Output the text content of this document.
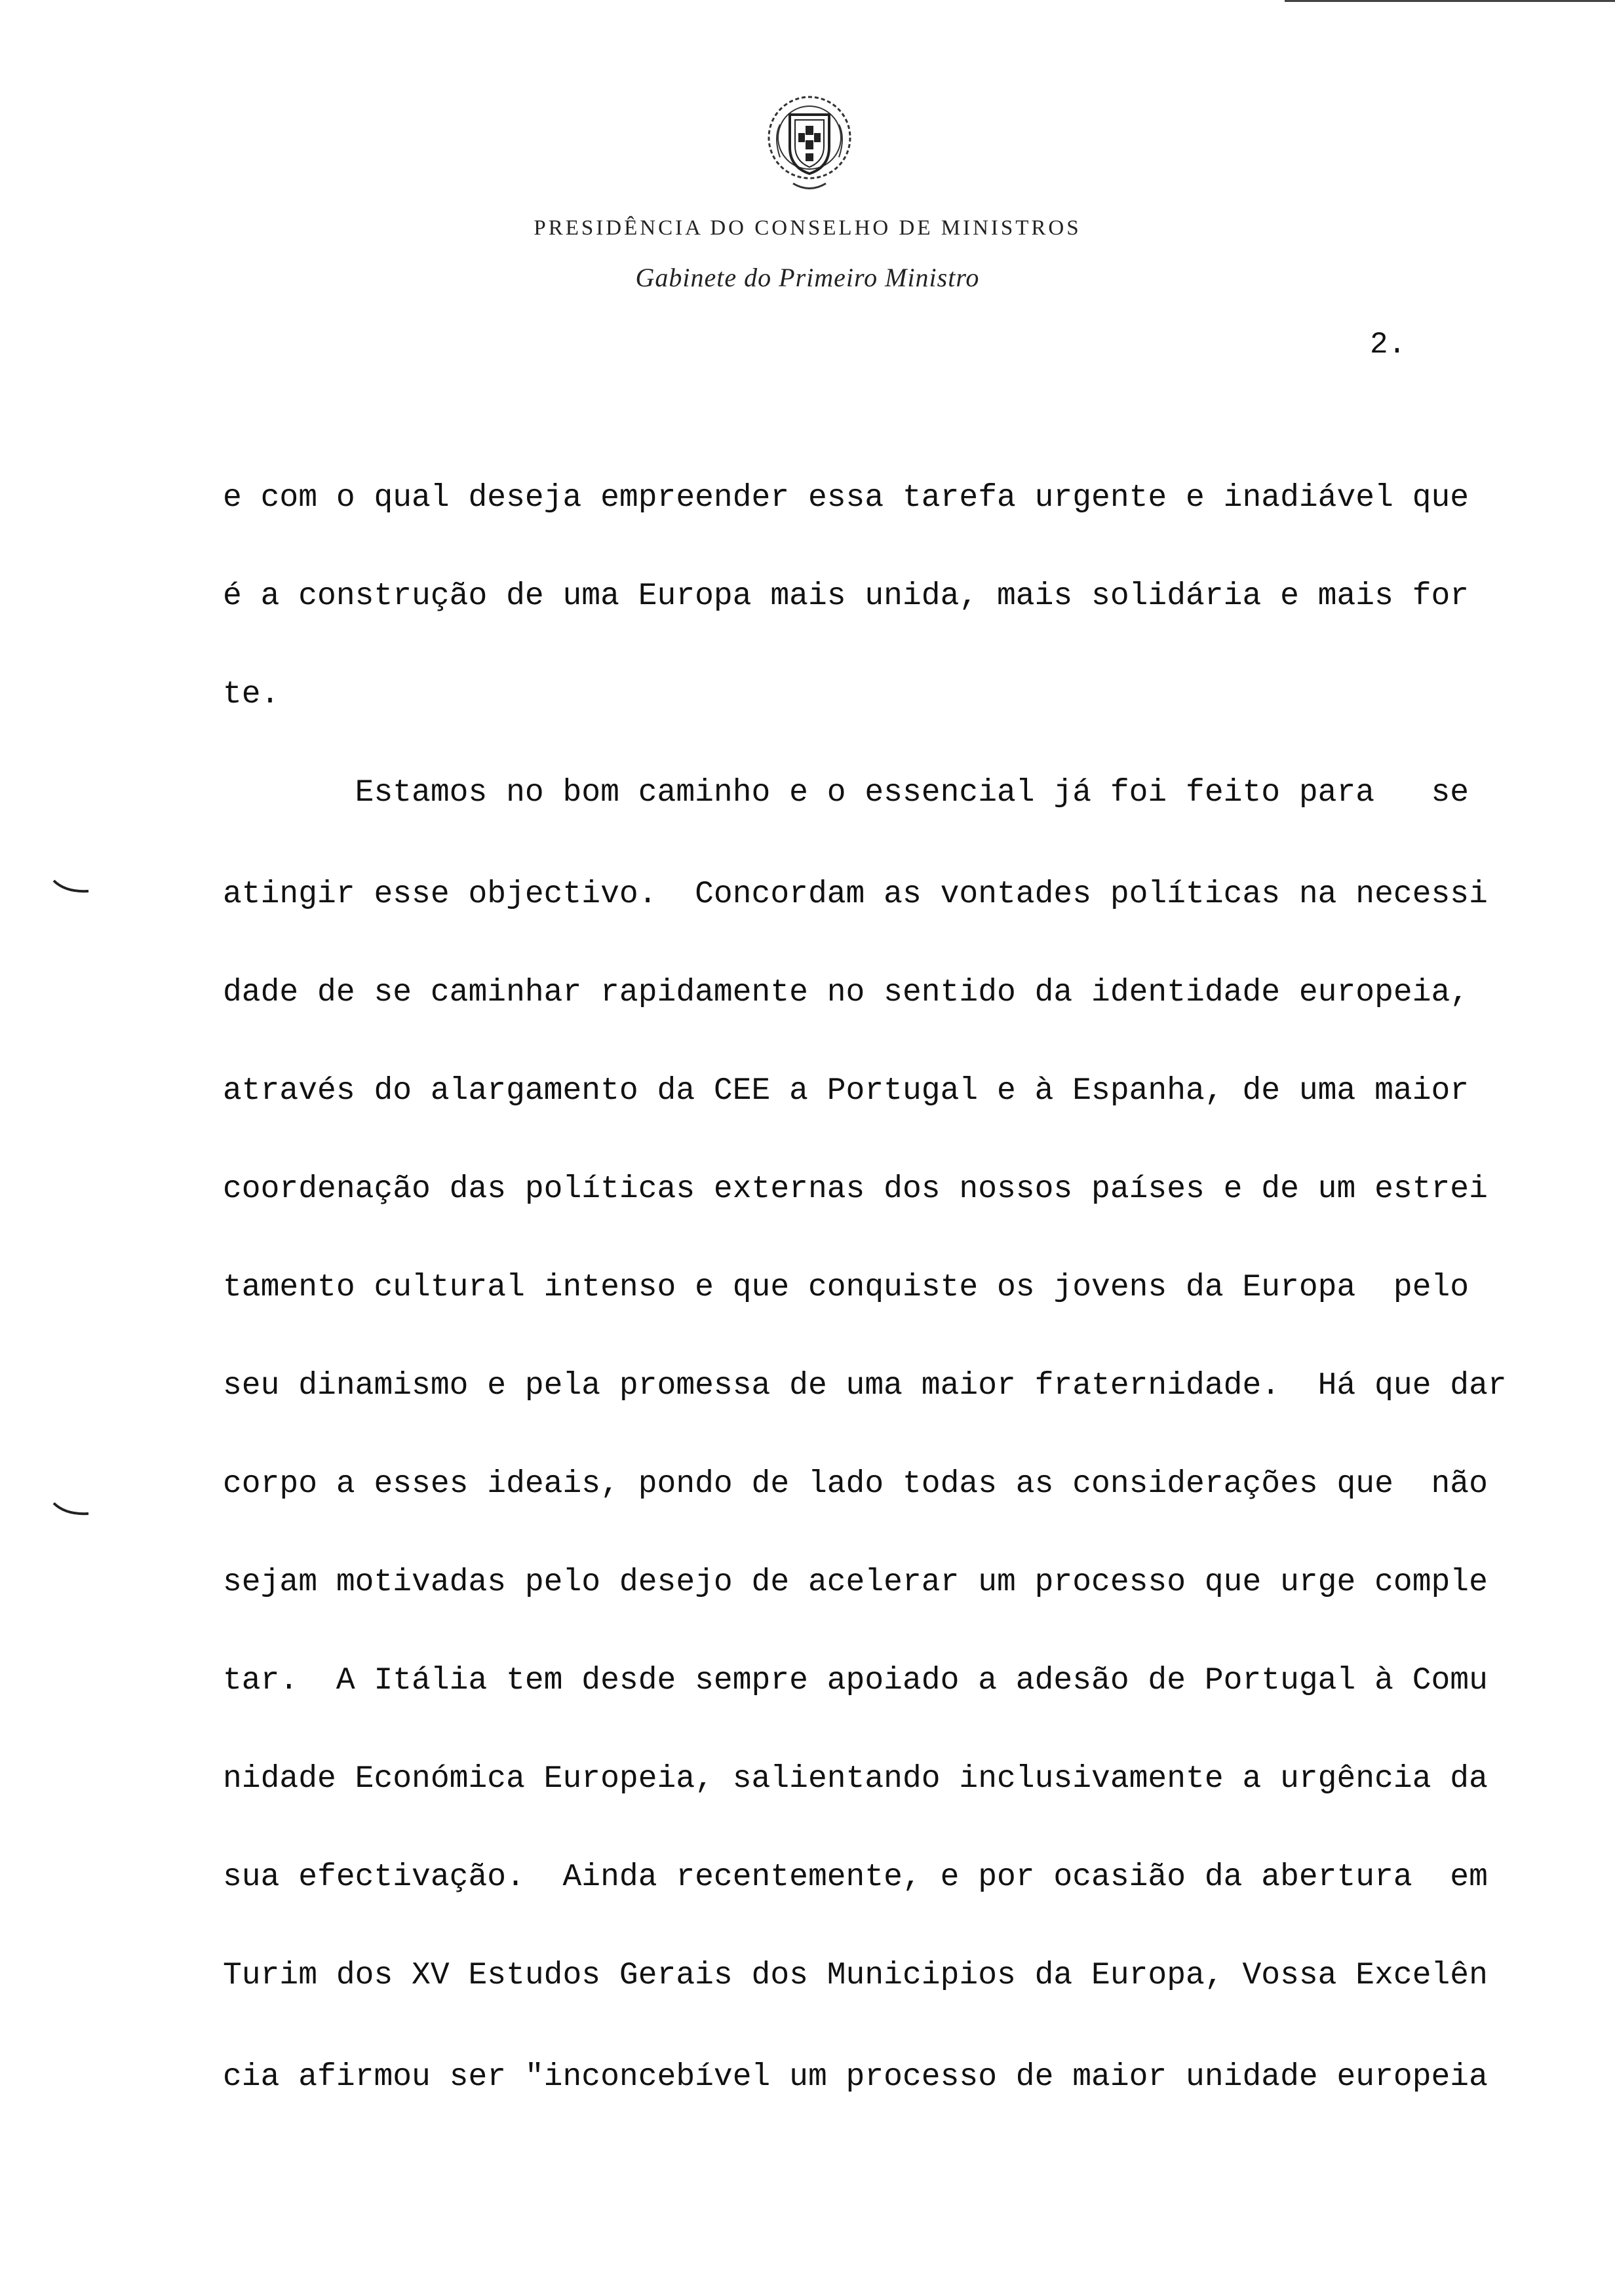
PRESIDÊNCIA DO CONSELHO DE MINISTROS
Gabinete do Primeiro Ministro
2.
e com o qual deseja empreender essa tarefa urgente e inadiável que
é a construção de uma Europa mais unida, mais solidária e mais for
te.
Estamos no bom caminho e o essencial já foi feito para   se
atingir esse objectivo.  Concordam as vontades políticas na necessi
dade de se caminhar rapidamente no sentido da identidade europeia,
através do alargamento da CEE a Portugal e à Espanha, de uma maior
coordenação das políticas externas dos nossos países e de um estrei
tamento cultural intenso e que conquiste os jovens da Europa  pelo
seu dinamismo e pela promessa de uma maior fraternidade.  Há que dar
corpo a esses ideais, pondo de lado todas as considerações que  não
sejam motivadas pelo desejo de acelerar um processo que urge comple
tar.  A Itália tem desde sempre apoiado a adesão de Portugal à Comu
nidade Económica Europeia, salientando inclusivamente a urgência da
sua efectivação.  Ainda recentemente, e por ocasião da abertura  em
Turim dos XV Estudos Gerais dos Municipios da Europa, Vossa Excelên
cia afirmou ser "inconcebível um processo de maior unidade europeia
